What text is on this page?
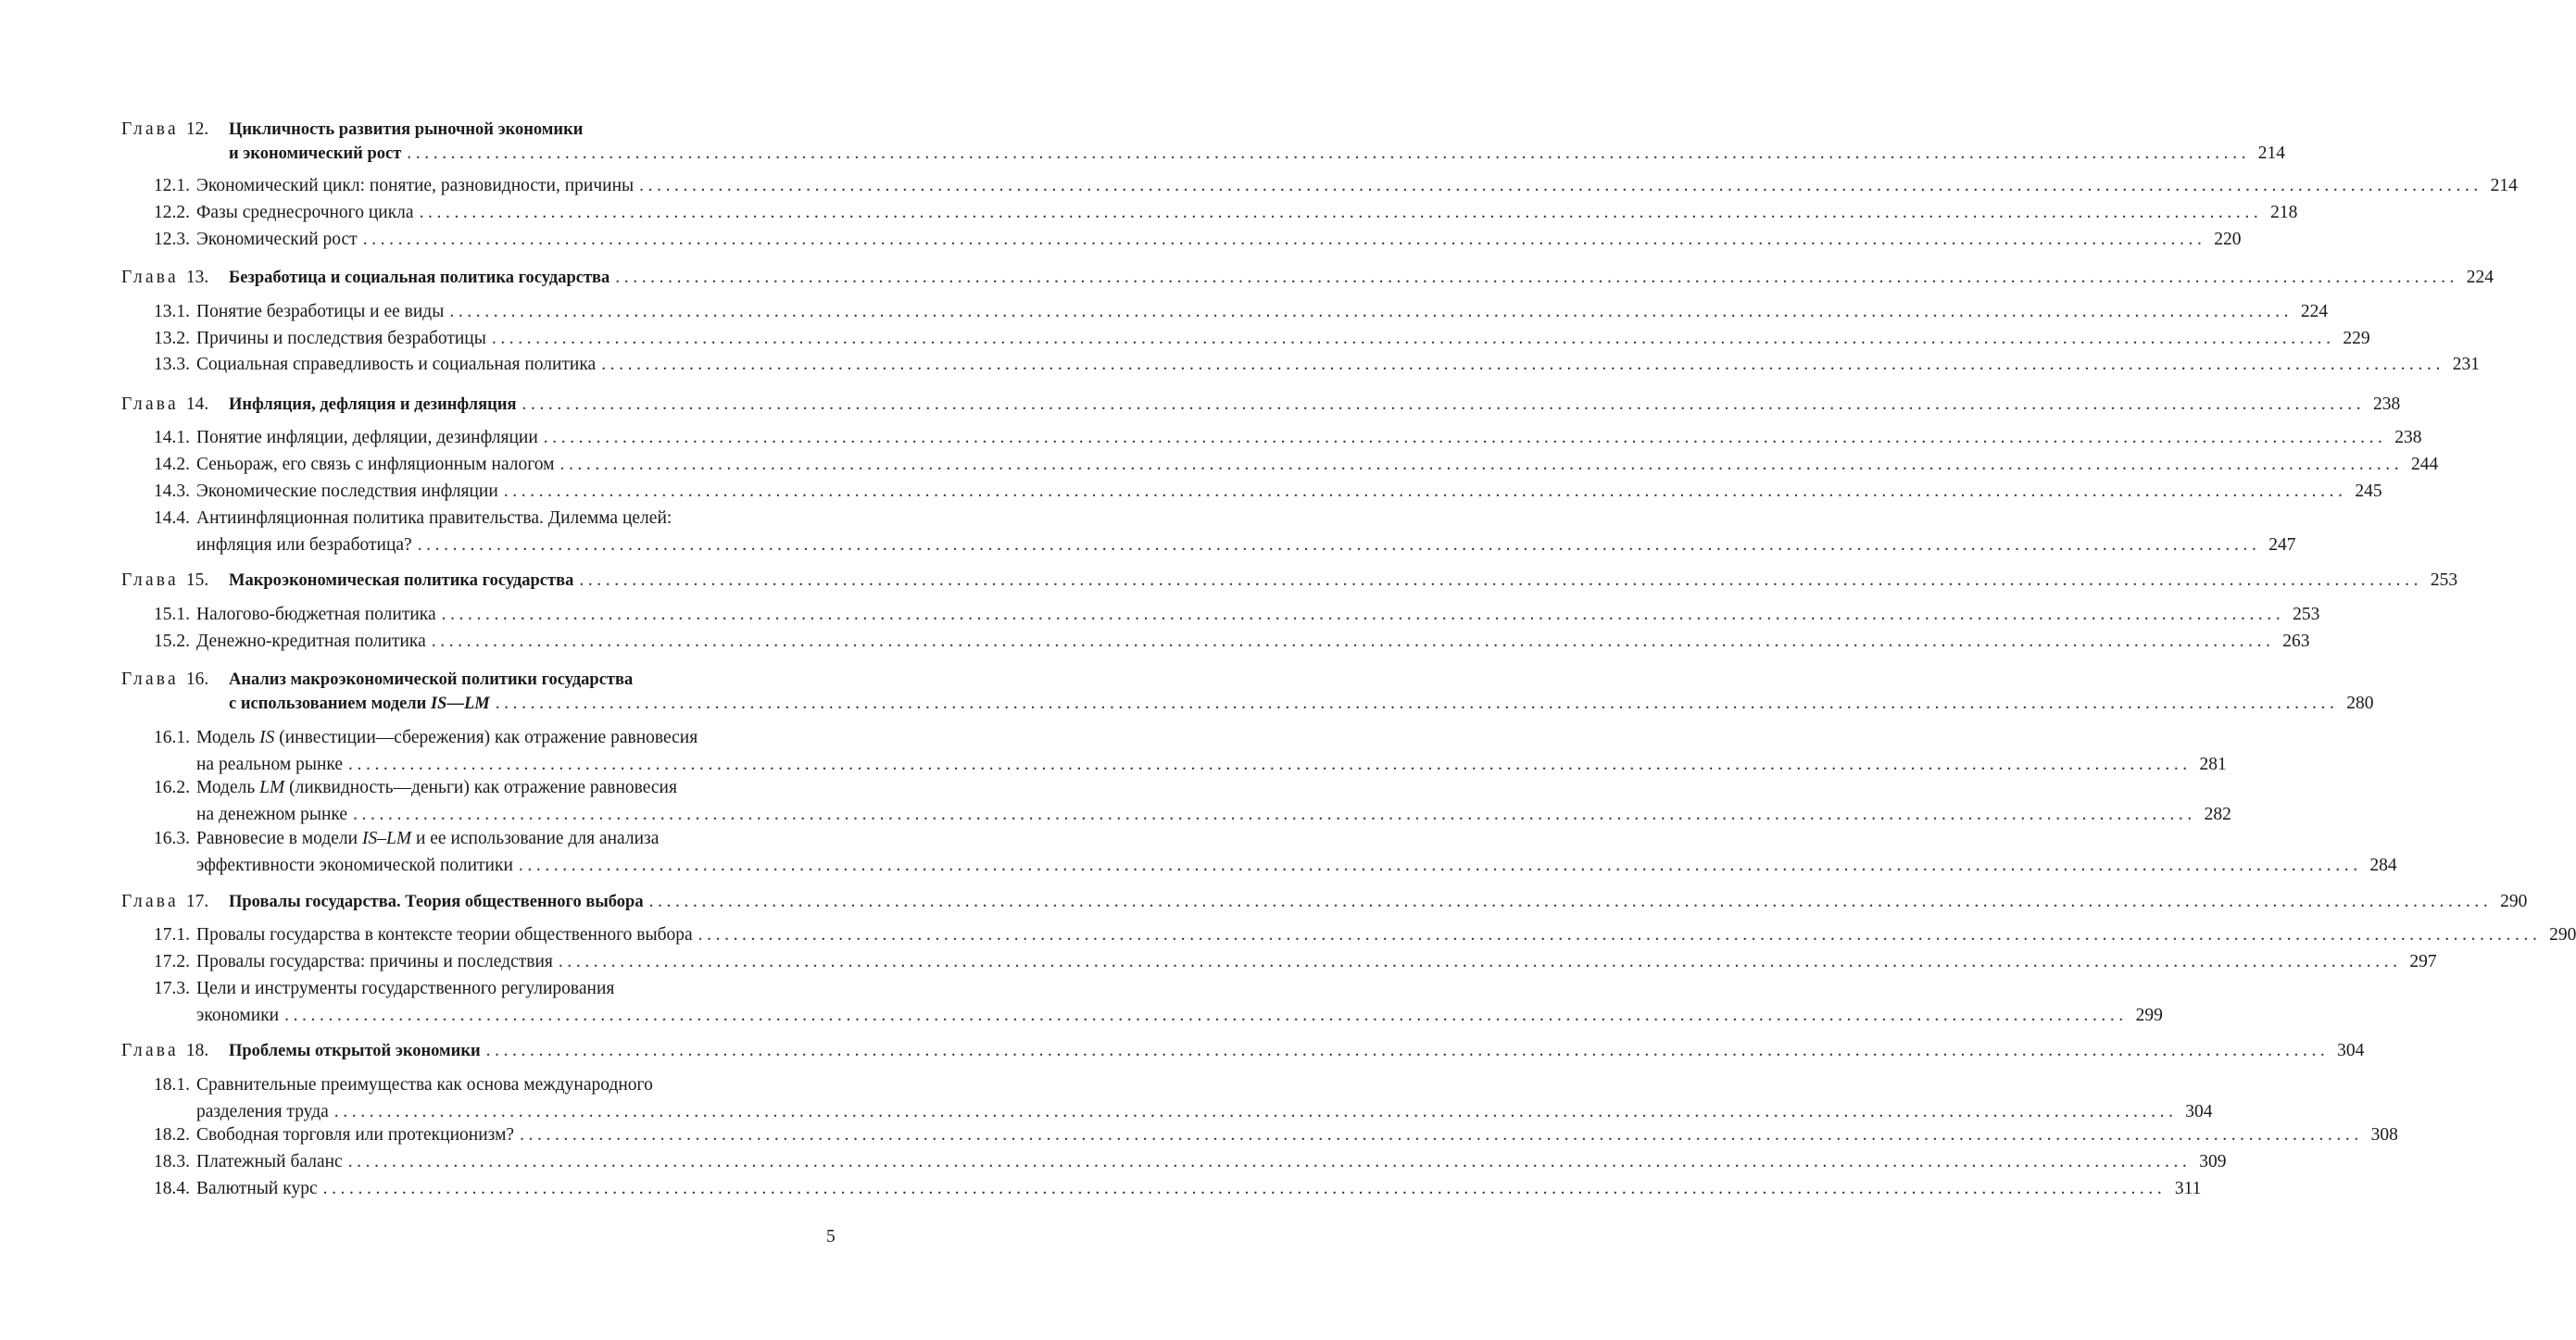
Глава 12.	Цикличность развития рыночной экономики
и экономический рост .....	214
12.1. Экономический цикл: понятие, разновидности, причины .....	214
12.2. Фазы среднесрочного цикла .....	218
12.3. Экономический рост .....	220
Глава 13.	Безработица и социальная политика государства .....	224
13.1. Понятие безработицы и ее виды .....	224
13.2. Причины и последствия безработицы .....	229
13.3. Социальная справедливость и социальная политика .....	231
Глава 14.	Инфляция, дефляция и дезинфляция .....	238
14.1. Понятие инфляции, дефляции, дезинфляции .....	238
14.2. Сеньораж, его связь с инфляционным налогом .....	244
14.3. Экономические последствия инфляции .....	245
14.4. Антиинфляционная политика правительства. Дилемма целей:
инфляция или безработица? .....	247
Глава 15.	Макроэкономическая политика государства .....	253
15.1. Налогово-бюджетная политика .....	253
15.2. Денежно-кредитная политика .....	263
Глава 16.	Анализ макроэкономической политики государства
с использованием модели IS—LM .....	280
16.1. Модель IS (инвестиции—сбережения) как отражение равновесия
на реальном рынке .....	281
16.2. Модель LM (ликвидность—деньги) как отражение равновесия
на денежном рынке .....	282
16.3. Равновесие в модели IS–LM и ее использование для анализа
эффективности экономической политики .....	284
Глава 17.	Провалы государства. Теория общественного выбора .....	290
17.1. Провалы государства в контексте теории общественного выбора .....	290
17.2. Провалы государства: причины и последствия .....	297
17.3. Цели и инструменты государственного регулирования
экономики .....	299
Глава 18.	Проблемы открытой экономики .....	304
18.1. Сравнительные преимущества как основа международного
разделения труда .....	304
18.2. Свободная торговля или протекционизм? .....	308
18.3. Платежный баланс .....	309
18.4. Валютный курс .....	311
5
